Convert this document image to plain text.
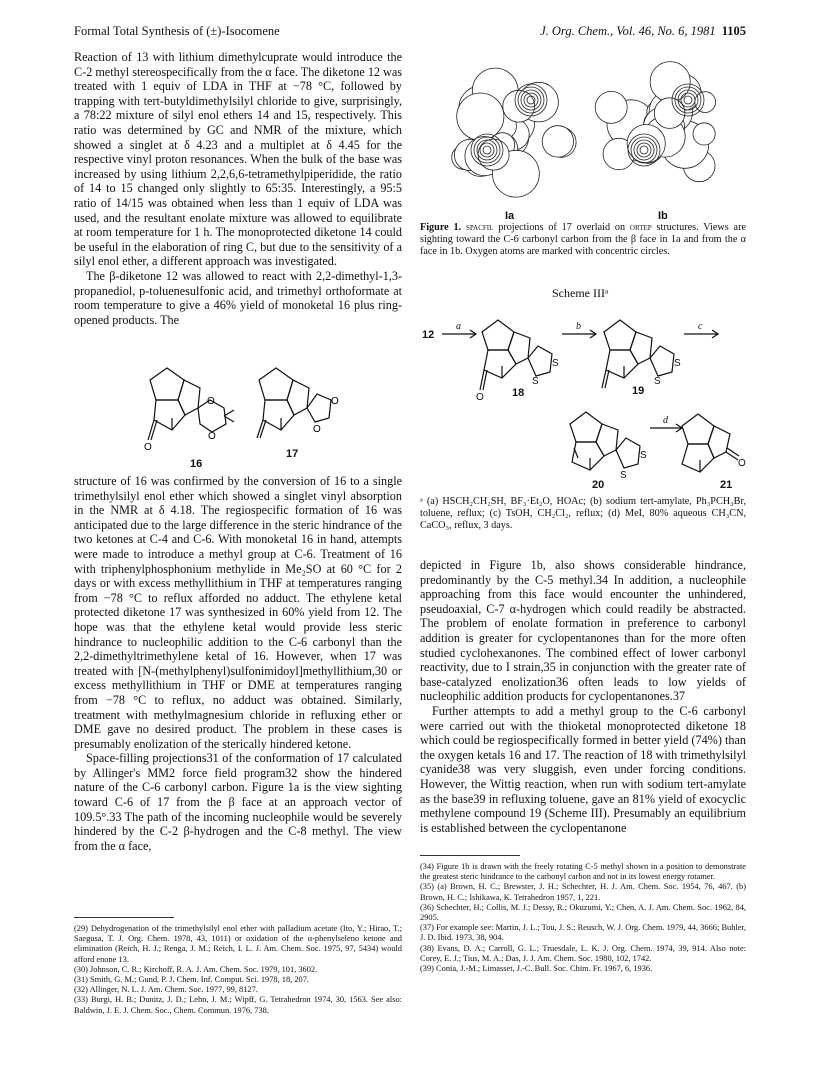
Formal Total Synthesis of (±)-Isocomene	J. Org. Chem., Vol. 46, No. 6, 1981 1105

Reaction of 13 with lithium dimethylcuprate would introduce the C-2 methyl stereospecifically from the α face. The diketone 12 was treated with 1 equiv of LDA in THF at −78 °C, followed by trapping with tert-butyldimethylsilyl chloride to give, surprisingly, a 78:22 mixture of silyl enol ethers 14 and 15, respectively. This ratio was determined by GC and NMR of the mixture, which showed a singlet at δ 4.23 and a multiplet at δ 4.45 for the respective vinyl proton resonances. When the bulk of the base was increased by using lithium 2,2,6,6-tetramethylpiperidide, the ratio of 14 to 15 changed only slightly to 65:35. Interestingly, a 95:5 ratio of 14/15 was obtained when less than 1 equiv of LDA was used, and the resultant enolate mixture was allowed to equilibrate at room temperature for 1 h. The monoprotected diketone 14 could be useful in the elaboration of ring C, but due to the sensitivity of a silyl enol ether, a different approach was investigated.

The β-diketone 12 was allowed to react with 2,2-dimethyl-1,3-propanediol, p-toluenesulfonic acid, and trimethyl orthoformate at room temperature to give a 46% yield of monoketal 16 plus ring-opened products. The

O
O
O
16
O
O
17

structure of 16 was confirmed by the conversion of 16 to a single trimethylsilyl enol ether which showed a singlet vinyl absorption in the NMR at δ 4.18. The regiospecific formation of 16 was anticipated due to the large difference in the steric hindrance of the two ketones at C-4 and C-6. With monoketal 16 in hand, attempts were made to introduce a methyl group at C-6. Treatment of 16 with triphenylphosphonium methylide in Me₂SO at 60 °C for 2 days or with excess methyllithium in THF at temperatures ranging from −78 °C to reflux afforded no adduct. The ethylene ketal protected diketone 17 was synthesized in 60% yield from 12. The hope was that the ethylene ketal would provide less steric hindrance to nucleophilic addition to the C-6 carbonyl than the 2,2-dimethyltrimethylene ketal of 16. However, when 17 was treated with [N-(methylphenyl)sulfonimidoyl]methyllithium,30 or excess methyllithium in THF or DME at temperatures ranging from −78 °C to reflux, no adduct was obtained. Similarly, treatment with methylmagnesium chloride in refluxing ether or DME gave no desired product. The problem in these cases is presumably enolization of the sterically hindered ketone.

Space-filling projections31 of the conformation of 17 calculated by Allinger's MM2 force field program32 show the hindered nature of the C-6 carbonyl carbon. Figure 1a is the view sighting toward C-6 of 17 from the β face at an approach vector of 109.5°.33 The path of the incoming nucleophile would be severely hindered by the C-2 β-hydrogen and the C-8 methyl. The view from the α face,

(29) Dehydrogenation of the trimethylsilyl enol ether with palladium acetate (Ito, Y.; Hirao, T.; Saegusa, T. J. Org. Chem. 1978, 43, 1011) or oxidation of the α-phenylseleno ketone and elimination (Reich, H. J.; Renga, J. M.; Reich, I. L. J. Am. Chem. Soc. 1975, 97, 5434) would afford enone 13.
(30) Johnson, C. R.; Kirchoff, R. A. J. Am. Chem. Soc. 1979, 101, 3602.
(31) Smith, G. M.; Gund, P. J. Chem. Inf. Comput. Sci. 1978, 18, 207.
(32) Allinger, N. L. J. Am. Chem. Soc. 1977, 99, 8127.
(33) Burgi, H. B.; Dunitz, J. D.; Lehn, J. M.; Wipff, G. Tetrahedron 1974, 30, 1563. See also: Baldwin, J. E. J. Chem. Soc., Chem. Commun. 1976, 738.
Ia	Ib
Figure 1. spacfil projections of 17 overlaid on ortep structures. Views are sighting toward the C-6 carbonyl carbon from the β face in 1a and from the α face in 1b. Oxygen atoms are marked with concentric circles.
Scheme IIIᵃ
S
S
O
S
S
S
S
O
a	b	c
d
12
18	19
20	21
ᵃ (a) HSCH₂CH₂SH, BF₃·Et₂O, HOAc; (b) sodium tert-amylate, Ph₃PCH₃Br, toluene, reflux; (c) TsOH, CH₂Cl₂, reflux; (d) MeI, 80% aqueous CH₃CN, CaCO₃, reflux, 3 days.

depicted in Figure 1b, also shows considerable hindrance, predominantly by the C-5 methyl.34 In addition, a nucleophile approaching from this face would encounter the unhindered, pseudoaxial, C-7 α-hydrogen which could readily be abstracted. The problem of enolate formation in preference to carbonyl addition is greater for cyclopentanones than for the more often studied cyclohexanones. The combined effect of lower carbonyl reactivity, due to I strain,35 in conjunction with the greater rate of base-catalyzed enolization36 often leads to low yields of nucleophilic addition products for cyclopentanones.37

Further attempts to add a methyl group to the C-6 carbonyl were carried out with the thioketal monoprotected diketone 18 which could be regiospecifically formed in better yield (74%) than the oxygen ketals 16 and 17. The reaction of 18 with trimethylsilyl cyanide38 was very sluggish, even under forcing conditions. However, the Wittig reaction, when run with sodium tert-amylate as the base39 in refluxing toluene, gave an 81% yield of exocyclic methylene compound 19 (Scheme III). Presumably an equilibrium is established between the cyclopentanone

(34) Figure 1b is drawn with the freely rotating C-5 methyl shown in a position to demonstrate the greatest steric hindrance to the carbonyl carbon and not in its lowest energy rotamer.
(35) (a) Brown, H. C.; Brewster, J. H.; Schechter, H. J. Am. Chem. Soc. 1954, 76, 467. (b) Brown, H. C.; Ishikawa, K. Tetrahedron 1957, 1, 221.
(36) Schechter, H.; Collis, M. J.; Dessy, R.; Okuzumi, Y.; Chen, A. J. Am. Chem. Soc. 1962, 84, 2905.
(37) For example see: Martin, J. L.; Tou, J. S.; Reusch, W. J. Org. Chem. 1979, 44, 3666; Buhler, J. D. Ibid. 1973, 38, 904.
(38) Evans, D. A.; Carroll, G. L.; Truesdale, L. K. J. Org. Chem. 1974, 39, 914. Also note: Corey, E. J.; Tius, M. A.; Das, J. J. Am. Chem. Soc. 1980, 102, 1742.
(39) Conia, J.-M.; Limasset, J.-C. Bull. Soc. Chim. Fr. 1967, 6, 1936.
